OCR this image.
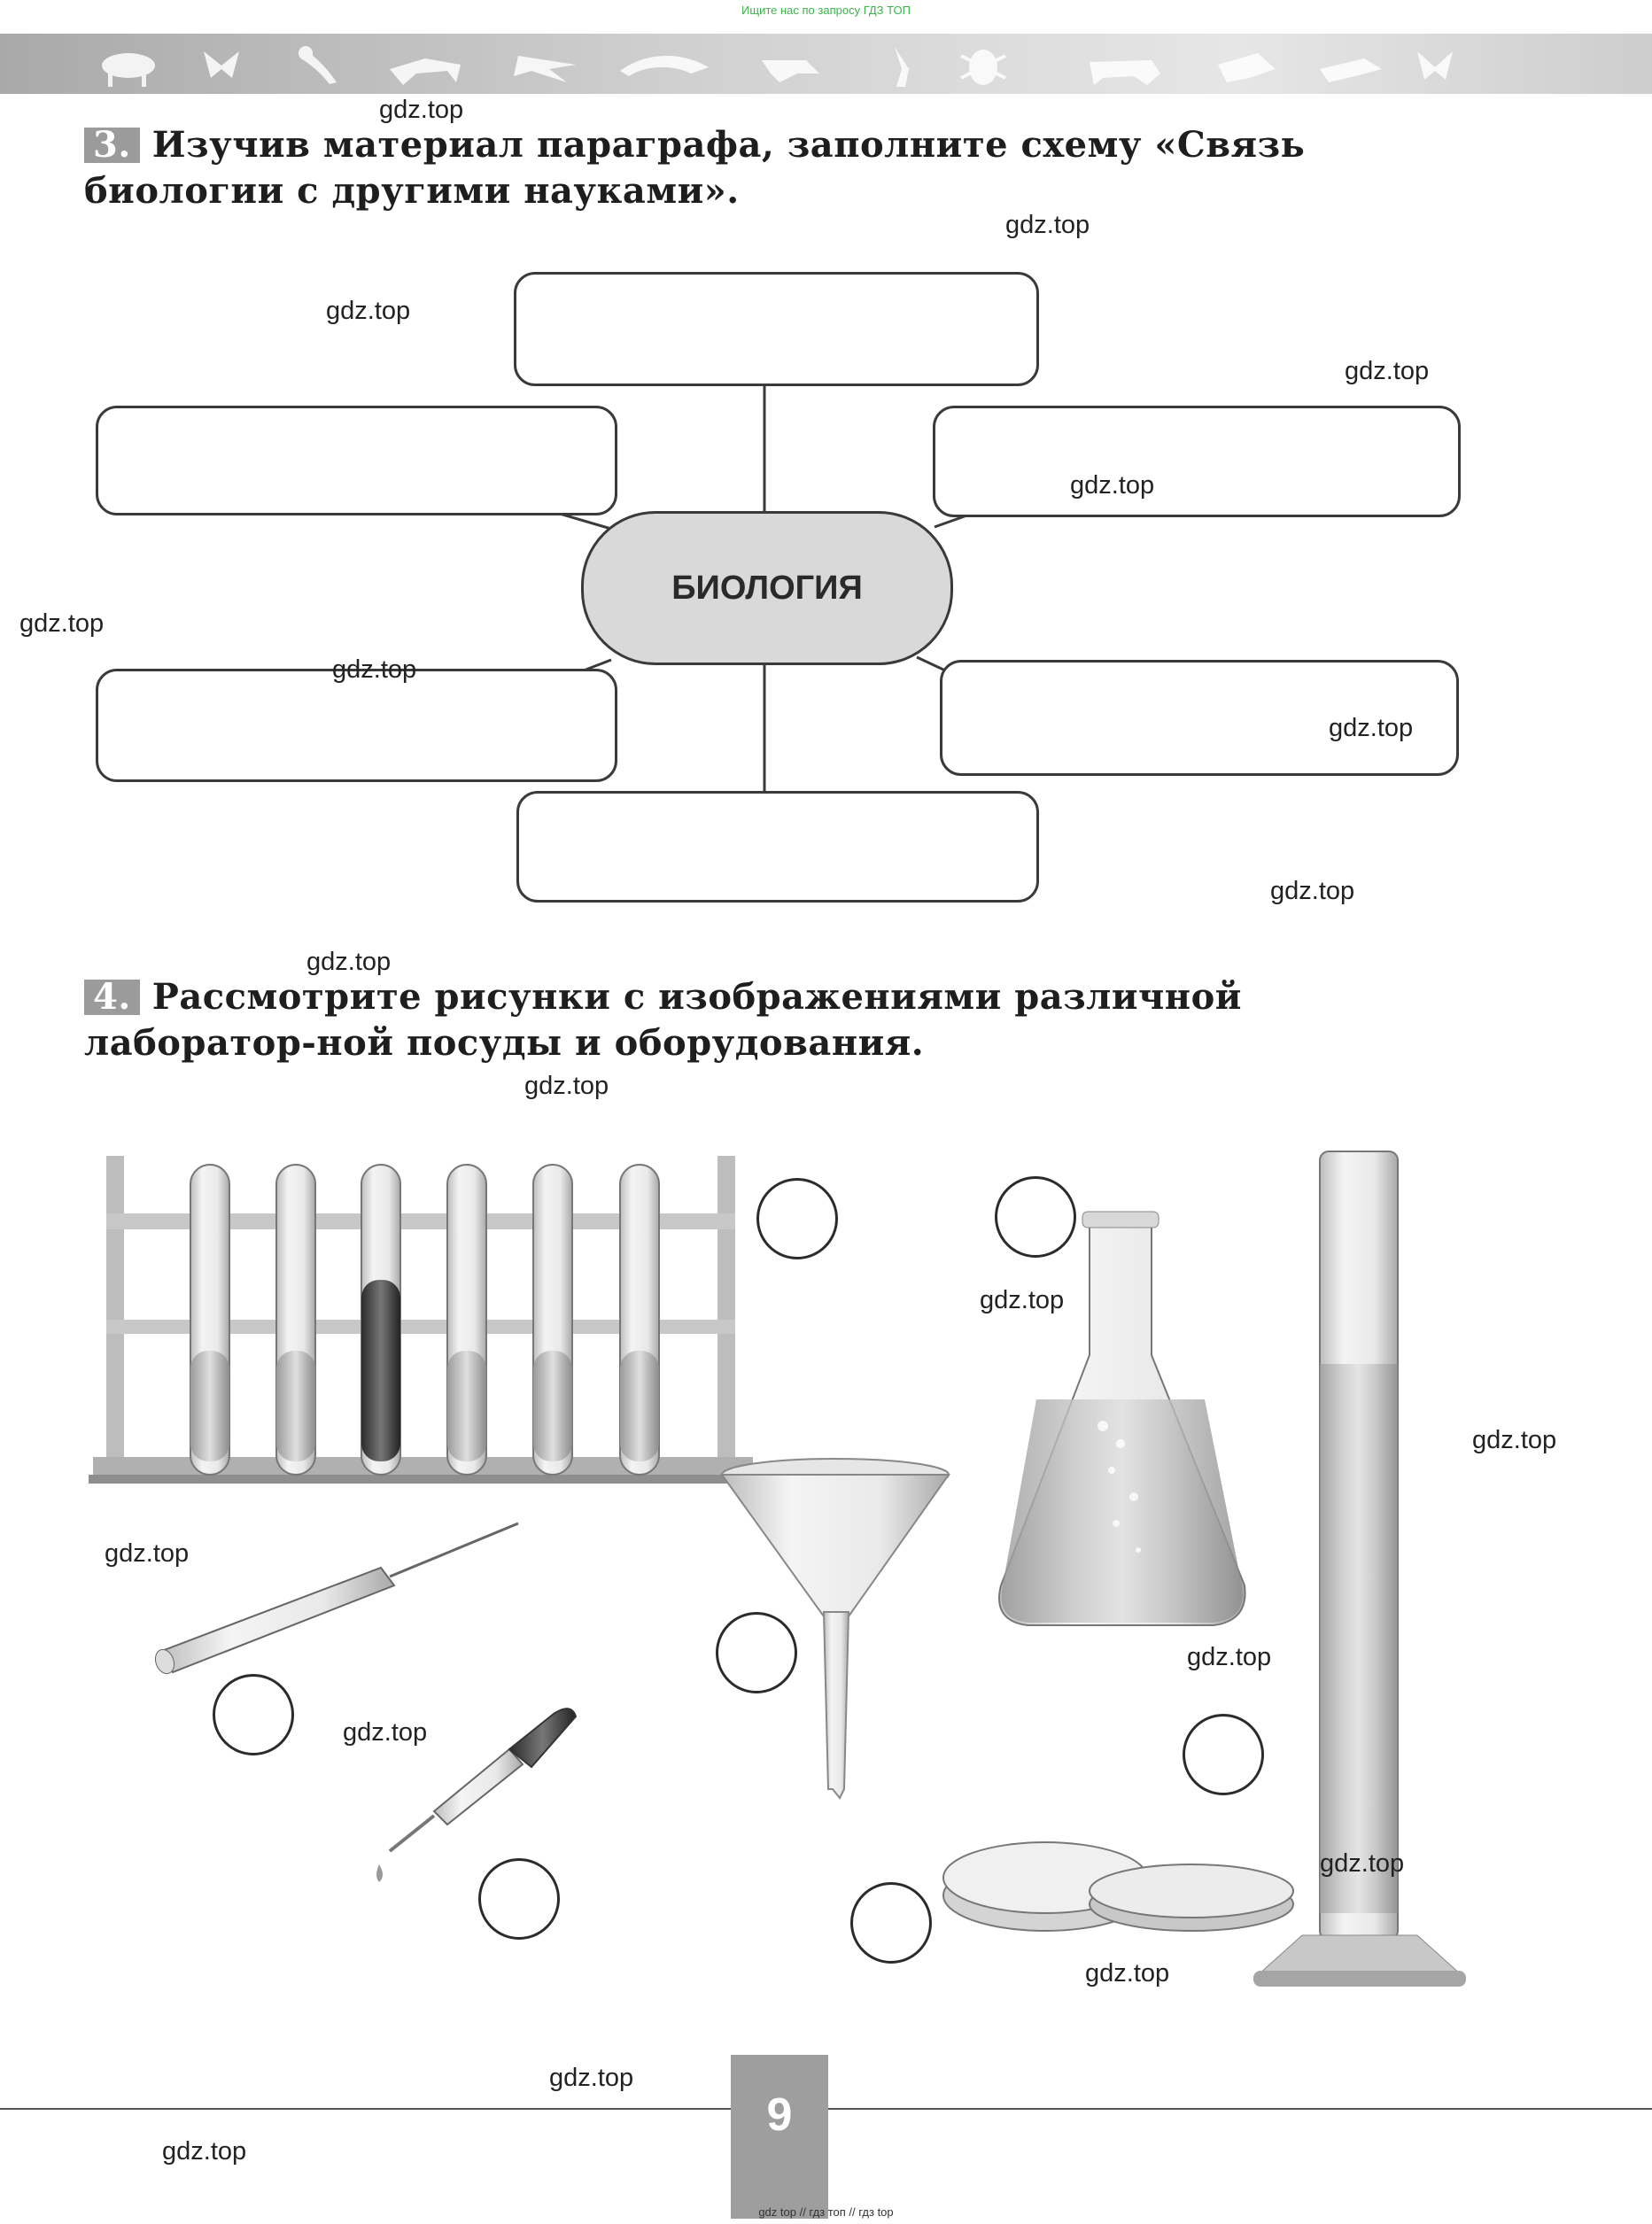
Ищите нас по запросу ГДЗ ТОП
3. Изучив материал параграфа, заполните схему «Связь биологии с другими науками».
БИОЛОГИЯ
4. Рассмотрите рисунки с изображениями различной лаборатор-ной посуды и оборудования.
gdz.top
gdz.top
gdz.top
gdz.top
gdz.top
gdz.top
gdz.top
gdz.top
gdz.top
gdz.top
gdz.top
gdz.top
gdz.top
gdz.top
gdz.top
gdz.top
gdz.top
gdz.top
gdz.top
gdz.top
9
gdz top // гдз топ // гдз top
